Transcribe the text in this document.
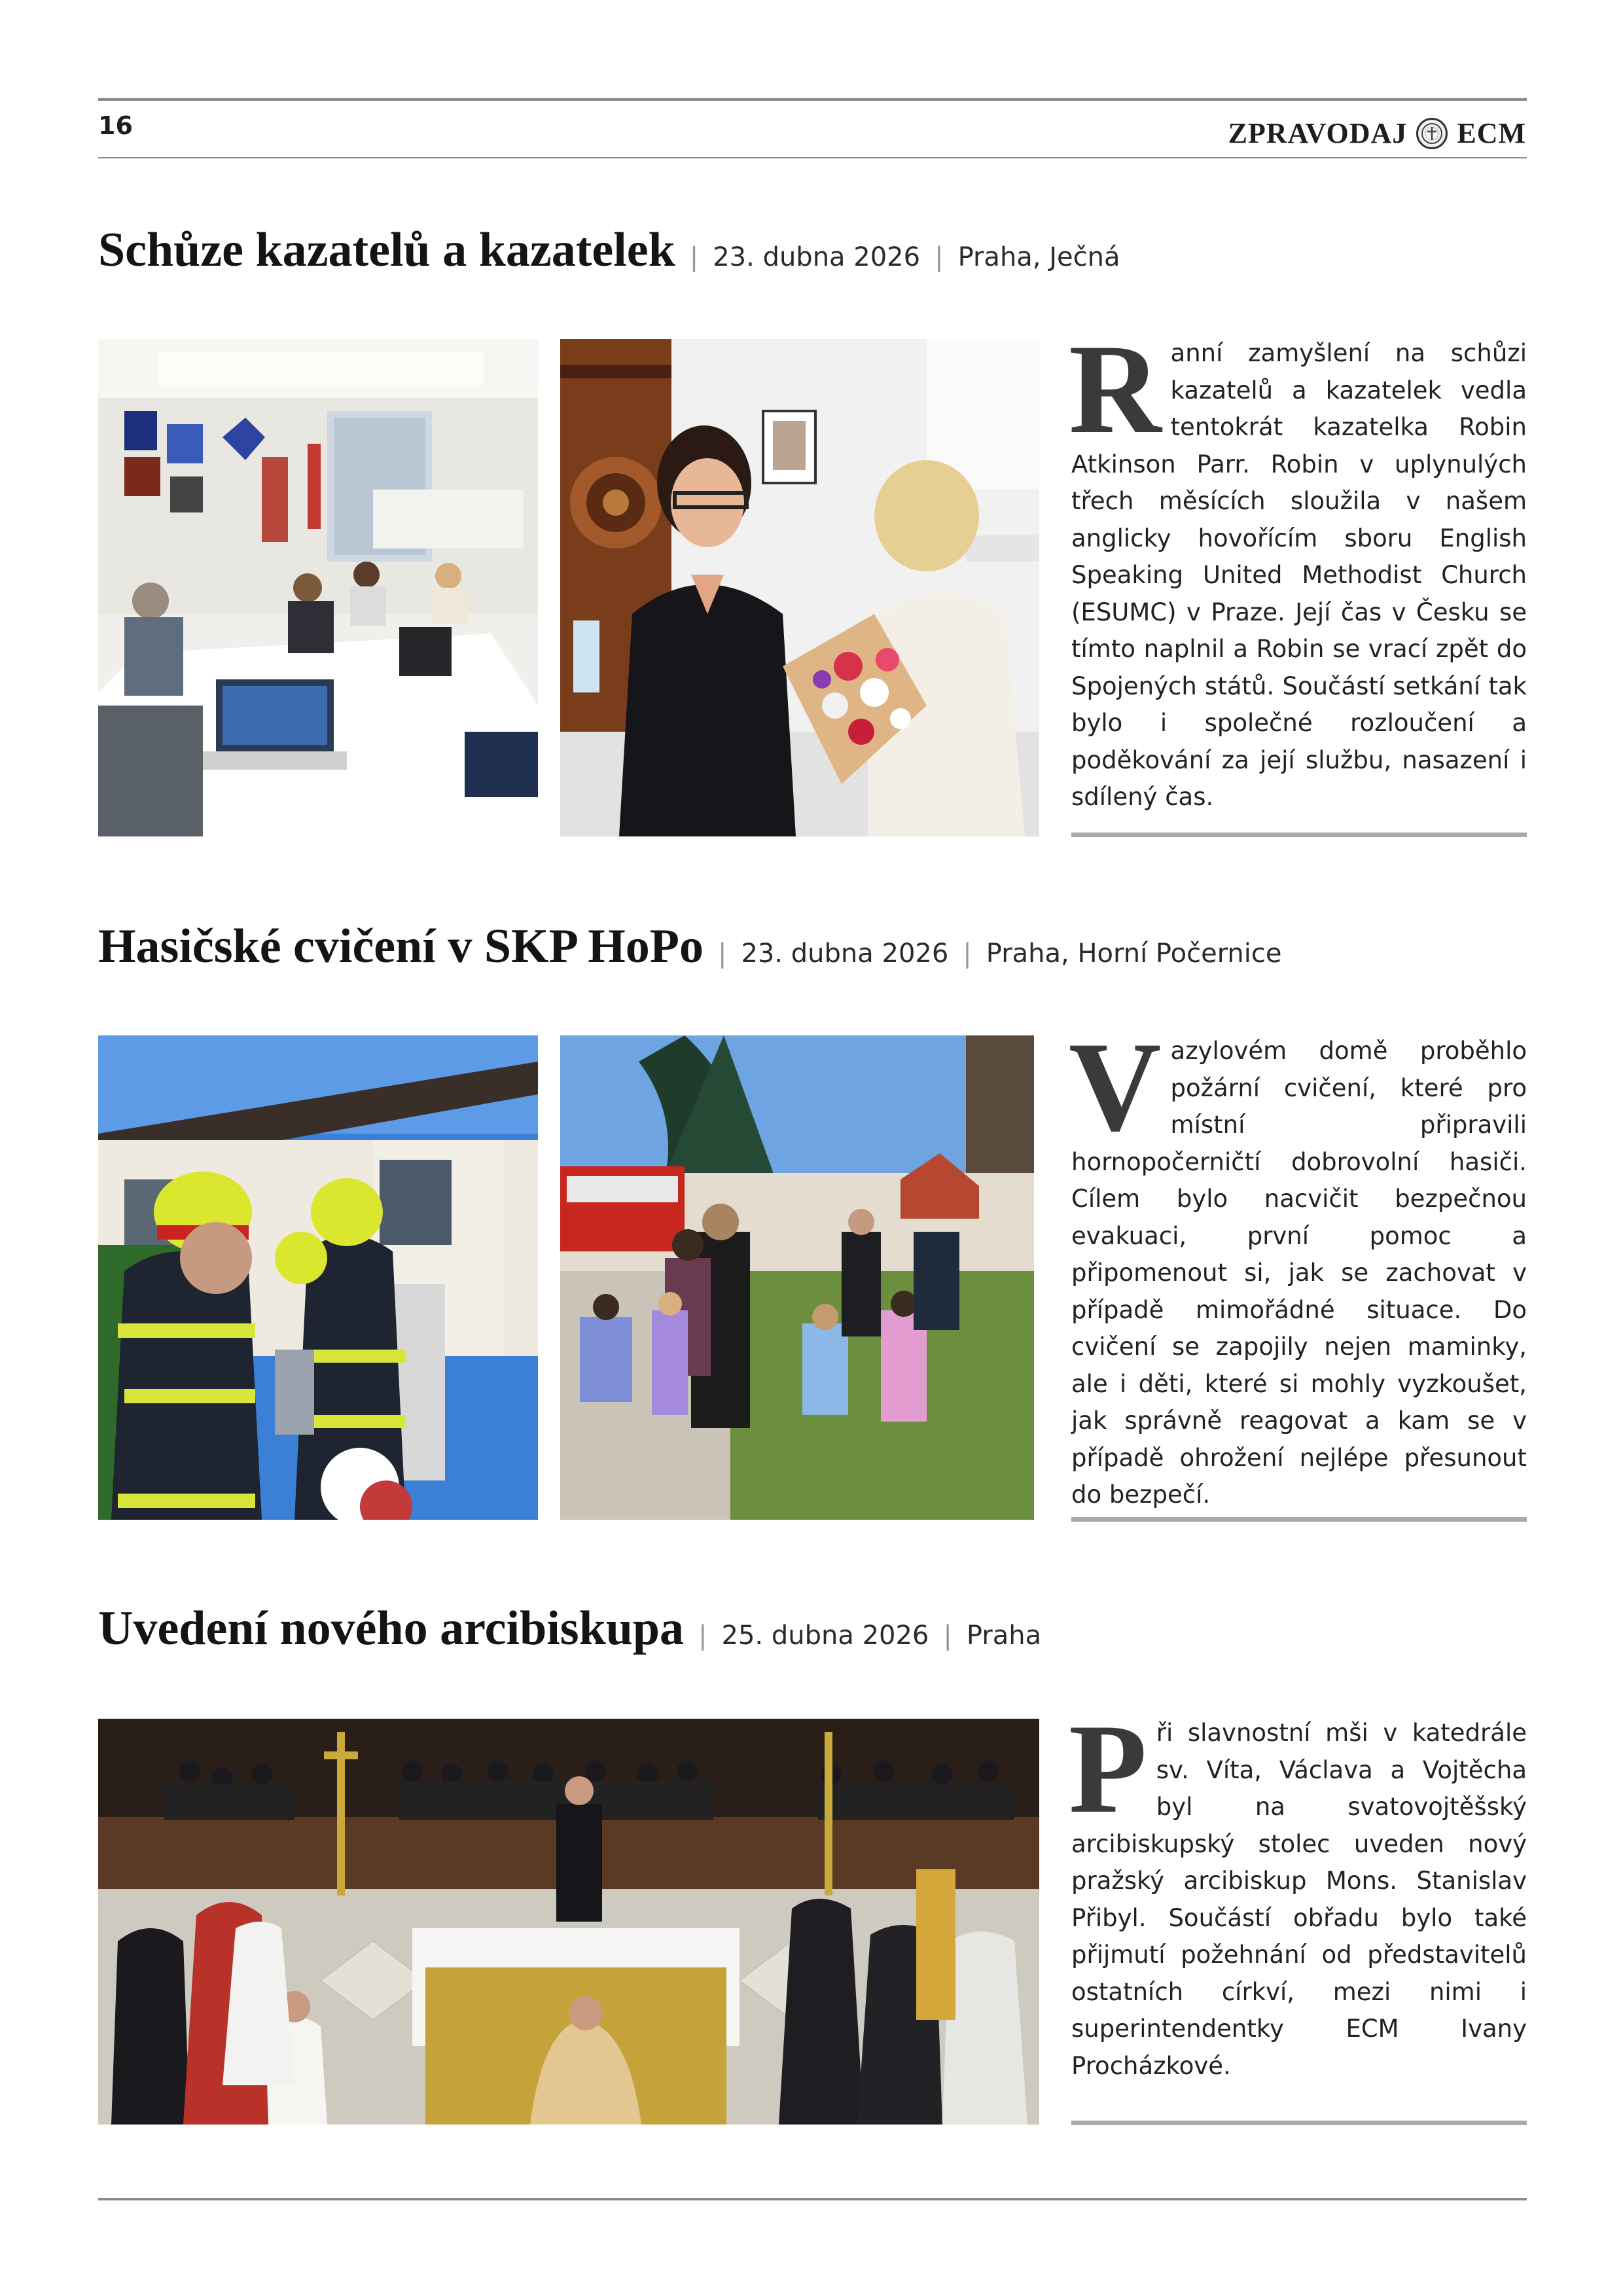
16	ZPRAVODAJ ECM
Schůze kazatelů a kazatelek | 23. dubna 2026 | Praha, Ječná

Ranní zamyšlení na schůzi kazatelů a kazatelek vedla tentokrát kazatelka Robin Atkinson Parr. Robin v uplynulých třech měsících sloužila v našem anglicky hovořícím sboru English Speaking United Methodist Church (ESUMC) v Praze. Její čas v Česku se tímto naplnil a Robin se vrací zpět do Spojených států. Součástí setkání tak bylo i společné rozloučení a poděkování za její službu, nasazení i sdílený čas.

Hasičské cvičení v SKP HoPo | 23. dubna 2026 | Praha, Horní Počernice

Vazylovém domě proběhlo požární cvičení, které pro místní připravili hornopočerničtí dobrovolní hasiči. Cílem bylo nacvičit bezpečnou evakuaci, první pomoc a připomenout si, jak se zachovat v případě mimořádné situace. Do cvičení se zapojily nejen maminky, ale i děti, které si mohly vyzkoušet, jak správně reagovat a kam se v případě ohrožení nejlépe přesunout do bezpečí.

Uvedení nového arcibiskupa | 25. dubna 2026 | Praha

Při slavnostní mši v katedrále sv. Víta, Václava a Vojtěcha byl na svatovojtěšský arcibiskupský stolec uveden nový pražský arcibiskup Mons. Stanislav Přibyl. Součástí obřadu bylo také přijmutí požehnání od představitelů ostatních církví, mezi nimi i superintendentky ECM Ivany Procházkové.
